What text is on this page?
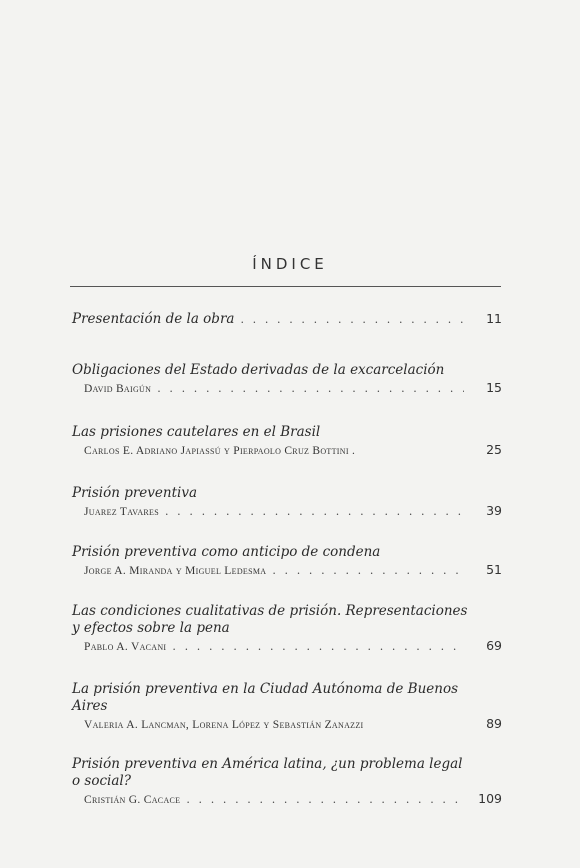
ÍNDICE
Presentación de la obra . . .	11
Obligaciones del Estado derivadas de la excarcelación
David Baigún . . .	15
Las prisiones cautelares en el Brasil
Carlos E. Adriano Japiassú y Pierpaolo Cruz Bottini .	25
Prisión preventiva
Juarez Tavares . . .	39
Prisión preventiva como anticipo de condena
Jorge A. Miranda y Miguel Ledesma . . .	51
Las condiciones cualitativas de prisión. Representaciones
y efectos sobre la pena
Pablo A. Vacani . . .	69
La prisión preventiva en la Ciudad Autónoma de Buenos
Aires
Valeria A. Lancman, Lorena López y Sebastián Zanazzi	89
Prisión preventiva en América latina, ¿un problema legal
o social?
Cristián G. Cacace . . .	109
